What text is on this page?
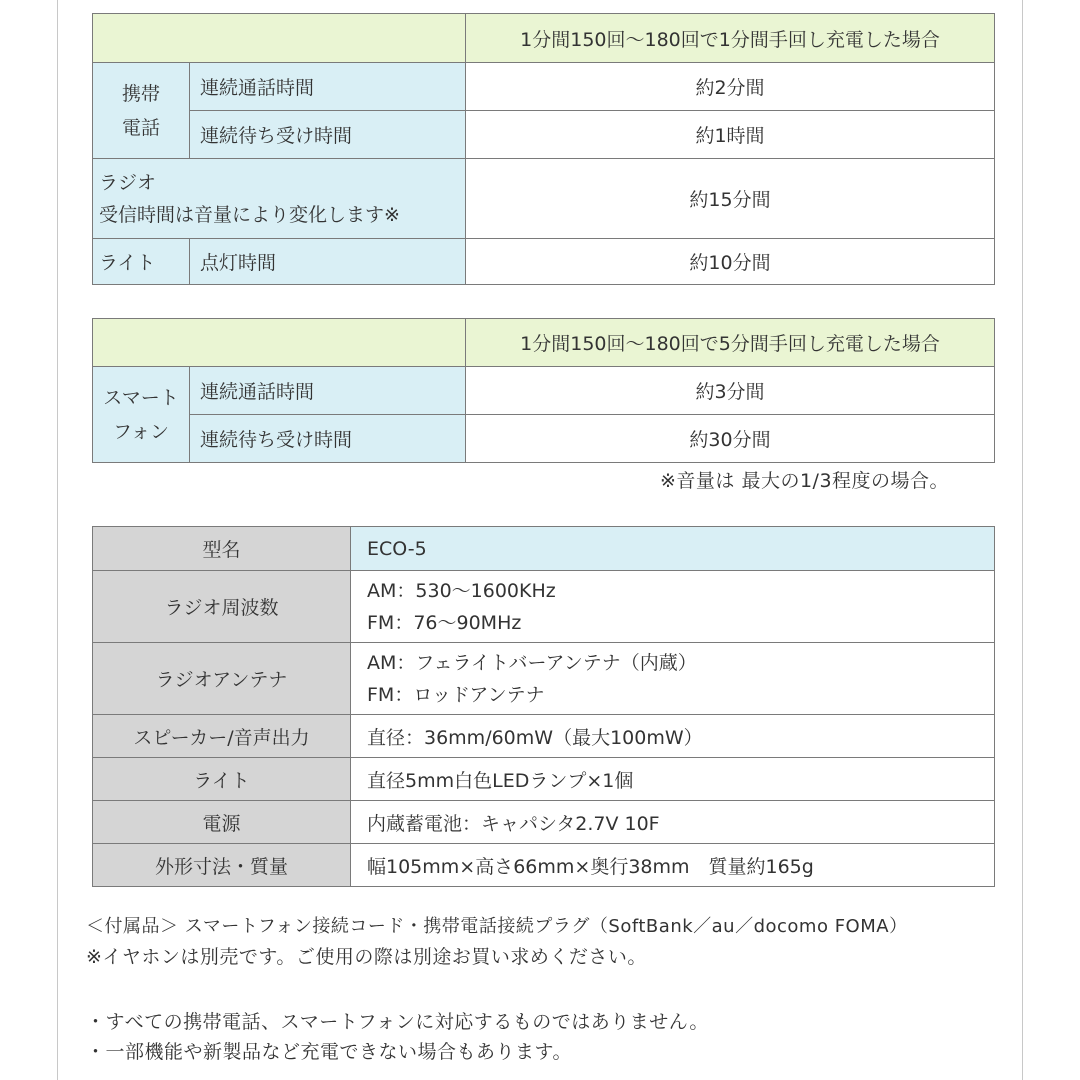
		1分間150回〜180回で1分間手回し充電した場合
携帯
電話	連続通話時間	約2分間
	連続待ち受け時間	約1時間
ラジオ
受信時間は音量により変化します※		約15分間
ライト	点灯時間	約10分間
		1分間150回〜180回で5分間手回し充電した場合
スマート
フォン	連続通話時間	約3分間
	連続待ち受け時間	約30分間
※音量は 最大の1/3程度の場合。
型名	ECO-5
ラジオ周波数	AM：530〜1600KHz
FM：76〜90MHz
ラジオアンテナ	AM：フェライトバーアンテナ（内蔵）
FM：ロッドアンテナ
スピーカー/音声出力	直径：36mm/60mW（最大100mW）
ライト	直径5mm白色LEDランプ×1個
電源	内蔵蓄電池：キャパシタ2.7V 10F
外形寸法・質量	幅105mm×高さ66mm×奥行38mm　質量約165g
＜付属品＞ スマートフォン接続コード・携帯電話接続プラグ（SoftBank／au／docomo FOMA）
※イヤホンは別売です。ご使用の際は別途お買い求めください。
・すべての携帯電話、スマートフォンに対応するものではありません。
・一部機能や新製品など充電できない場合もあります。
